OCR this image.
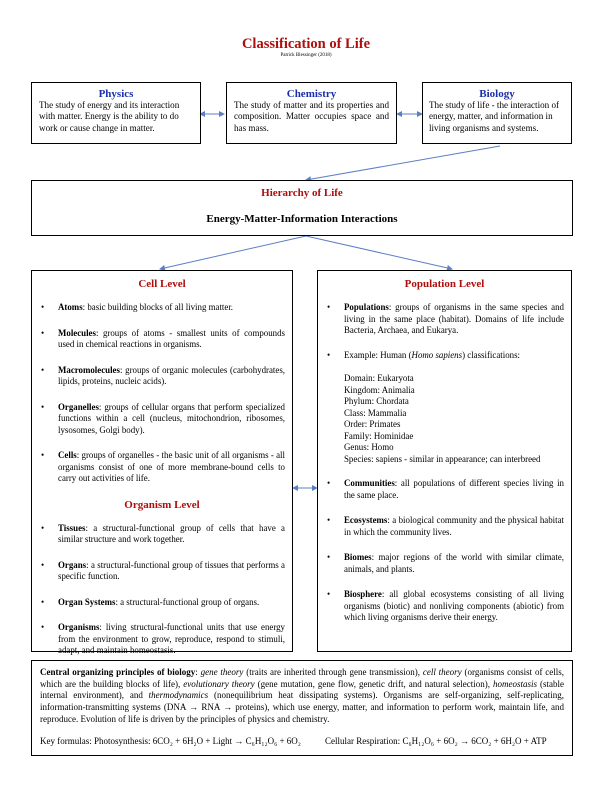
Classification of Life
Patrick Blessinger (2018)
Physics
The study of energy and its interaction with matter. Energy is the ability to do work or cause change in matter.
Chemistry
The study of matter and its properties and composition. Matter occupies space and has mass.
Biology
The study of life - the interaction of energy, matter, and information in living organisms and systems.
Hierarchy of Life
Energy-Matter-Information Interactions
Cell Level
• Atoms: basic building blocks of all living matter.
• Molecules: groups of atoms - smallest units of compounds used in chemical reactions in organisms.
• Macromolecules: groups of organic molecules (carbohydrates, lipids, proteins, nucleic acids).
• Organelles: groups of cellular organs that perform specialized functions within a cell (nucleus, mitochondrion, ribosomes, lysosomes, Golgi body).
• Cells: groups of organelles - the basic unit of all organisms - all organisms consist of one of more membrane-bound cells to carry out activities of life.
Organism Level
• Tissues: a structural-functional group of cells that have a similar structure and work together.
• Organs: a structural-functional group of tissues that performs a specific function.
• Organ Systems: a structural-functional group of organs.
• Organisms: living structural-functional units that use energy from the environment to grow, reproduce, respond to stimuli, adapt, and maintain homeostasis.
Population Level
• Populations: groups of organisms in the same species and living in the same place (habitat). Domains of life include Bacteria, Archaea, and Eukarya.
• Example: Human (Homo sapiens) classifications:
Domain: Eukaryota
Kingdom: Animalia
Phylum: Chordata
Class: Mammalia
Order: Primates
Family: Hominidae
Genus: Homo
Species: sapiens - similar in appearance; can interbreed
• Communities: all populations of different species living in the same place.
• Ecosystems: a biological community and the physical habitat in which the community lives.
• Biomes: major regions of the world with similar climate, animals, and plants.
• Biosphere: all global ecosystems consisting of all living organisms (biotic) and nonliving components (abiotic) from which living organisms derive their energy.

Central organizing principles of biology: gene theory (traits are inherited through gene transmission), cell theory (organisms consist of cells, which are the building blocks of life), evolutionary theory (gene mutation, gene flow, genetic drift, and natural selection), homeostasis (stable internal environment), and thermodynamics (nonequilibrium heat dissipating systems). Organisms are self-organizing, self-replicating, information-transmitting systems (DNA → RNA → proteins), which use energy, matter, and information to perform work, maintain life, and reproduce. Evolution of life is driven by the principles of physics and chemistry.

Key formulas: Photosynthesis: 6CO₂ + 6H₂O + Light → C₆H₁₂O₆ + 6O₂	Cellular Respiration: C₆H₁₂O₆ + 6O₂ → 6CO₂ + 6H₂O + ATP
